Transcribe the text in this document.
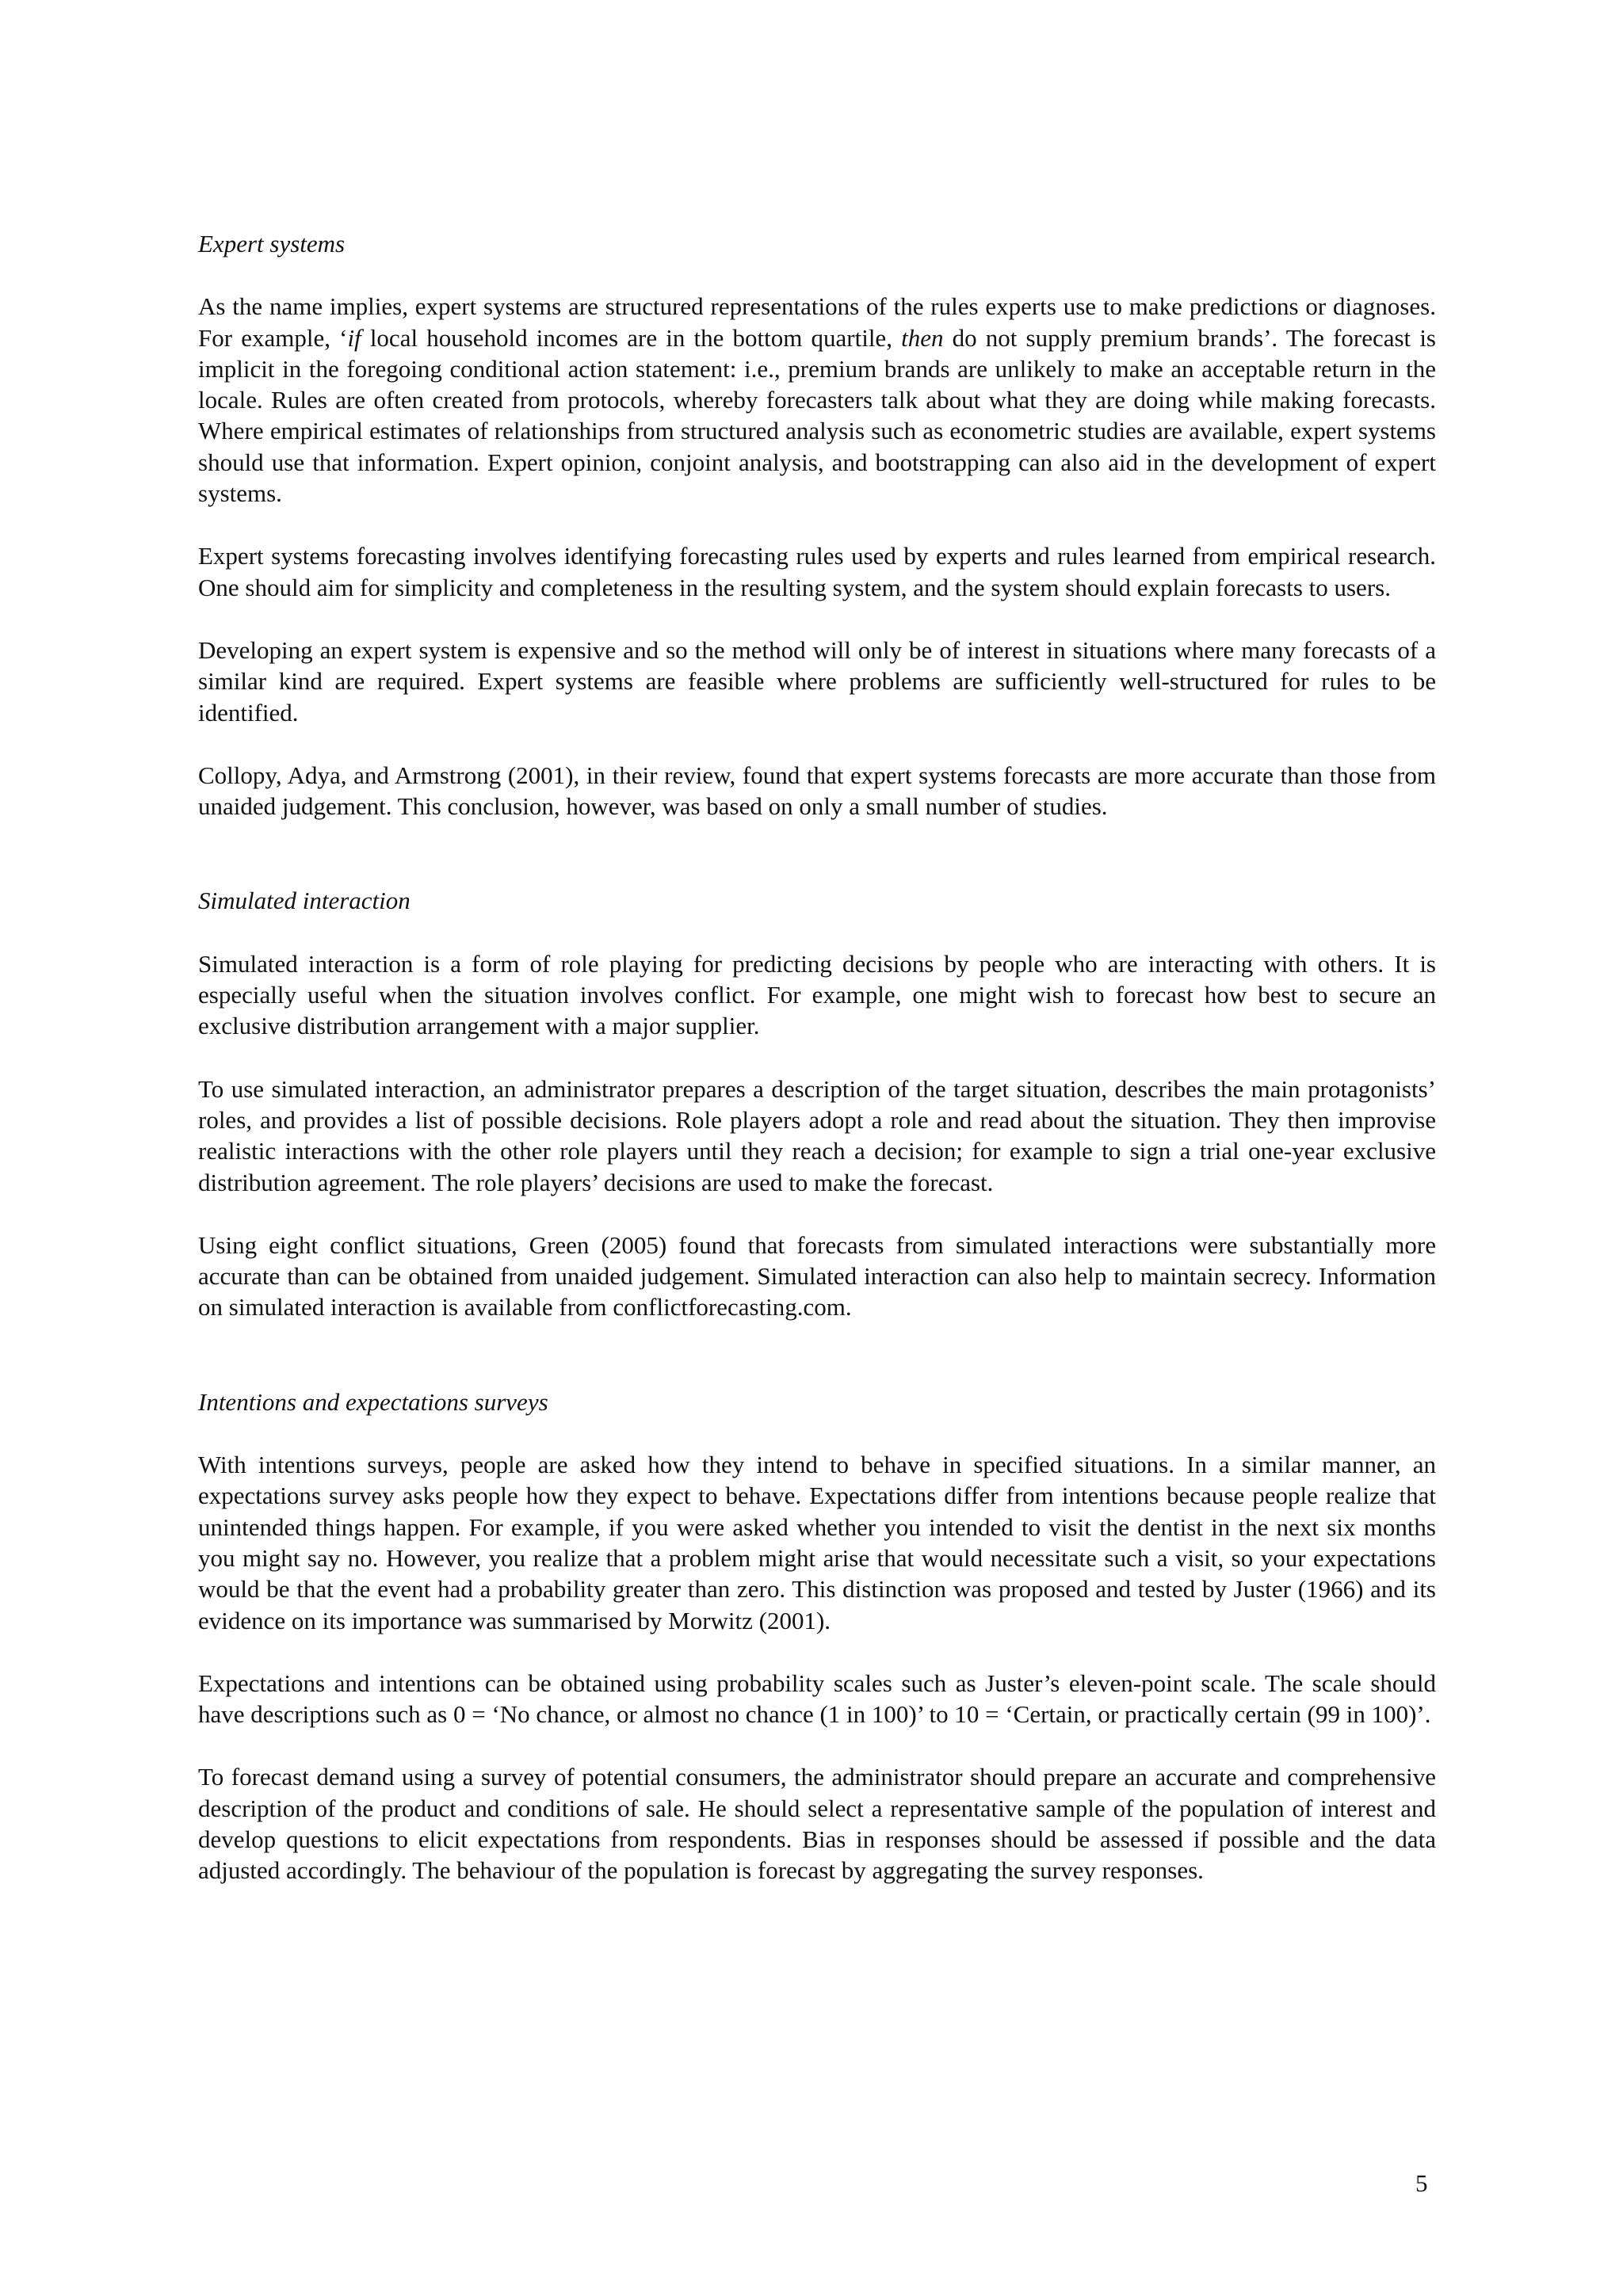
Expert systems

As the name implies, expert systems are structured representations of the rules experts use to make predictions or diagnoses. For example, ‘if local household incomes are in the bottom quartile, then do not supply premium brands’. The forecast is implicit in the foregoing conditional action statement: i.e., premium brands are unlikely to make an acceptable return in the locale. Rules are often created from protocols, whereby forecasters talk about what they are doing while making forecasts. Where empirical estimates of relationships from structured analysis such as econometric studies are available, expert systems should use that information. Expert opinion, conjoint analysis, and bootstrapping can also aid in the development of expert systems.

Expert systems forecasting involves identifying forecasting rules used by experts and rules learned from empirical research. One should aim for simplicity and completeness in the resulting system, and the system should explain forecasts to users.

Developing an expert system is expensive and so the method will only be of interest in situations where many forecasts of a similar kind are required. Expert systems are feasible where problems are sufficiently well-structured for rules to be identified.

Collopy, Adya, and Armstrong (2001), in their review, found that expert systems forecasts are more accurate than those from unaided judgement. This conclusion, however, was based on only a small number of studies.

Simulated interaction

Simulated interaction is a form of role playing for predicting decisions by people who are interacting with others. It is especially useful when the situation involves conflict. For example, one might wish to forecast how best to secure an exclusive distribution arrangement with a major supplier.

To use simulated interaction, an administrator prepares a description of the target situation, describes the main protagonists’ roles, and provides a list of possible decisions. Role players adopt a role and read about the situation. They then improvise realistic interactions with the other role players until they reach a decision; for example to sign a trial one-year exclusive distribution agreement. The role players’ decisions are used to make the forecast.

Using eight conflict situations, Green (2005) found that forecasts from simulated interactions were substantially more accurate than can be obtained from unaided judgement. Simulated interaction can also help to maintain secrecy. Information on simulated interaction is available from conflictforecasting.com.

Intentions and expectations surveys

With intentions surveys, people are asked how they intend to behave in specified situations. In a similar manner, an expectations survey asks people how they expect to behave. Expectations differ from intentions because people realize that unintended things happen. For example, if you were asked whether you intended to visit the dentist in the next six months you might say no. However, you realize that a problem might arise that would necessitate such a visit, so your expectations would be that the event had a probability greater than zero. This distinction was proposed and tested by Juster (1966) and its evidence on its importance was summarised by Morwitz (2001).

Expectations and intentions can be obtained using probability scales such as Juster’s eleven-point scale. The scale should have descriptions such as 0 = ‘No chance, or almost no chance (1 in 100)’ to 10 = ‘Certain, or practically certain (99 in 100)’.

To forecast demand using a survey of potential consumers, the administrator should prepare an accurate and comprehensive description of the product and conditions of sale. He should select a representative sample of the population of interest and develop questions to elicit expectations from respondents. Bias in responses should be assessed if possible and the data adjusted accordingly. The behaviour of the population is forecast by aggregating the survey responses.

5
